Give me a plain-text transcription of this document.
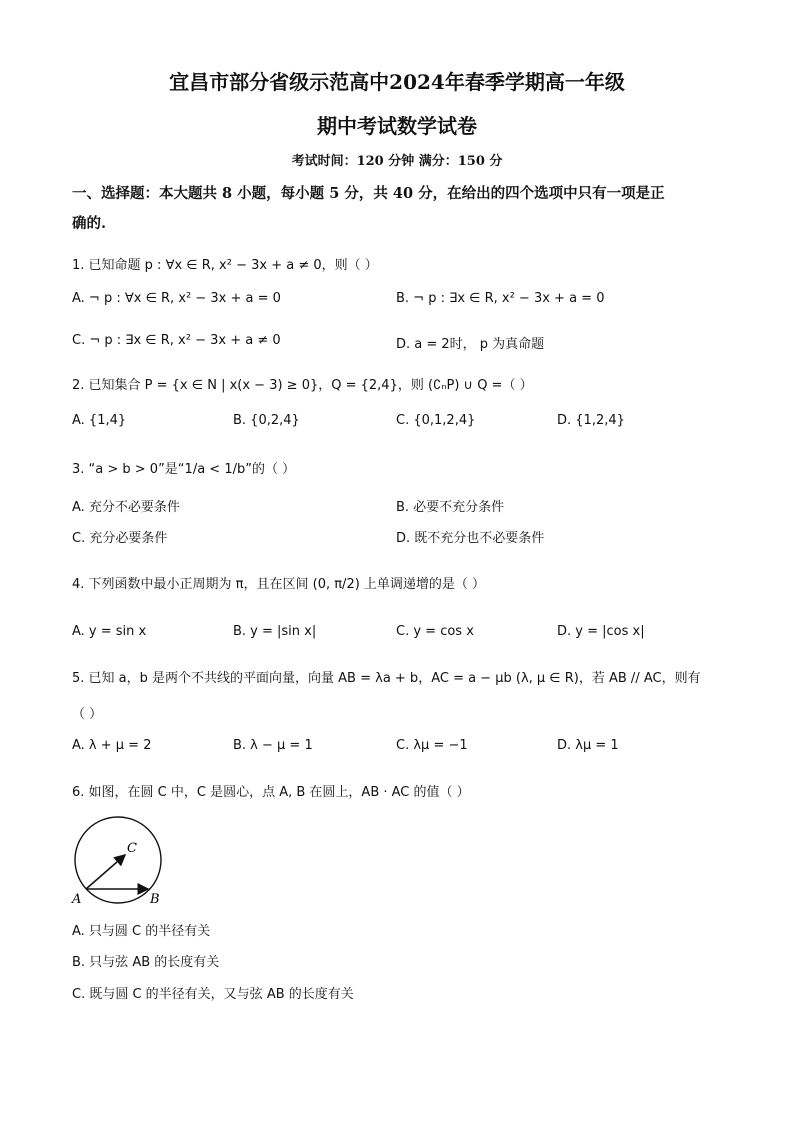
宜昌市部分省级示范高中2024年春季学期高一年级
期中考试数学试卷
考试时间：120 分钟 满分：150 分
一、选择题：本大题共 8 小题，每小题 5 分，共 40 分，在给出的四个选项中只有一项是正
确的.
1. 已知命题 p : ∀x ∈ R, x² − 3x + a ≠ 0，则（ ）
A. ¬ p : ∀x ∈ R, x² − 3x + a = 0	B. ¬ p : ∃x ∈ R, x² − 3x + a = 0
C. ¬ p : ∃x ∈ R, x² − 3x + a ≠ 0	D. a = 2时， p 为真命题
2. 已知集合 P = {x ∈ N | x(x − 3) ≥ 0}，Q = {2,4}，则 (∁ₙP) ∪ Q =（ ）
A. {1,4}	B. {0,2,4}	C. {0,1,2,4}	D. {1,2,4}
3. “a > b > 0”是“1/a < 1/b”的（ ）
A. 充分不必要条件	B. 必要不充分条件
C. 充分必要条件	D. 既不充分也不必要条件
4. 下列函数中最小正周期为 π，且在区间 (0, π/2) 上单调递增的是（ ）
A. y = sin x	B. y = |sin x|	C. y = cos x	D. y = |cos x|
5. 已知 a，b 是两个不共线的平面向量，向量 AB = λa + b，AC = a − μb (λ, μ ∈ R)，若 AB // AC，则有
（ ）
A. λ + μ = 2	B. λ − μ = 1	C. λμ = −1	D. λμ = 1
6. 如图，在圆 C 中，C 是圆心，点 A, B 在圆上，AB · AC 的值（ ）
A	B
C
A. 只与圆 C 的半径有关
B. 只与弦 AB 的长度有关
C. 既与圆 C 的半径有关，又与弦 AB 的长度有关
